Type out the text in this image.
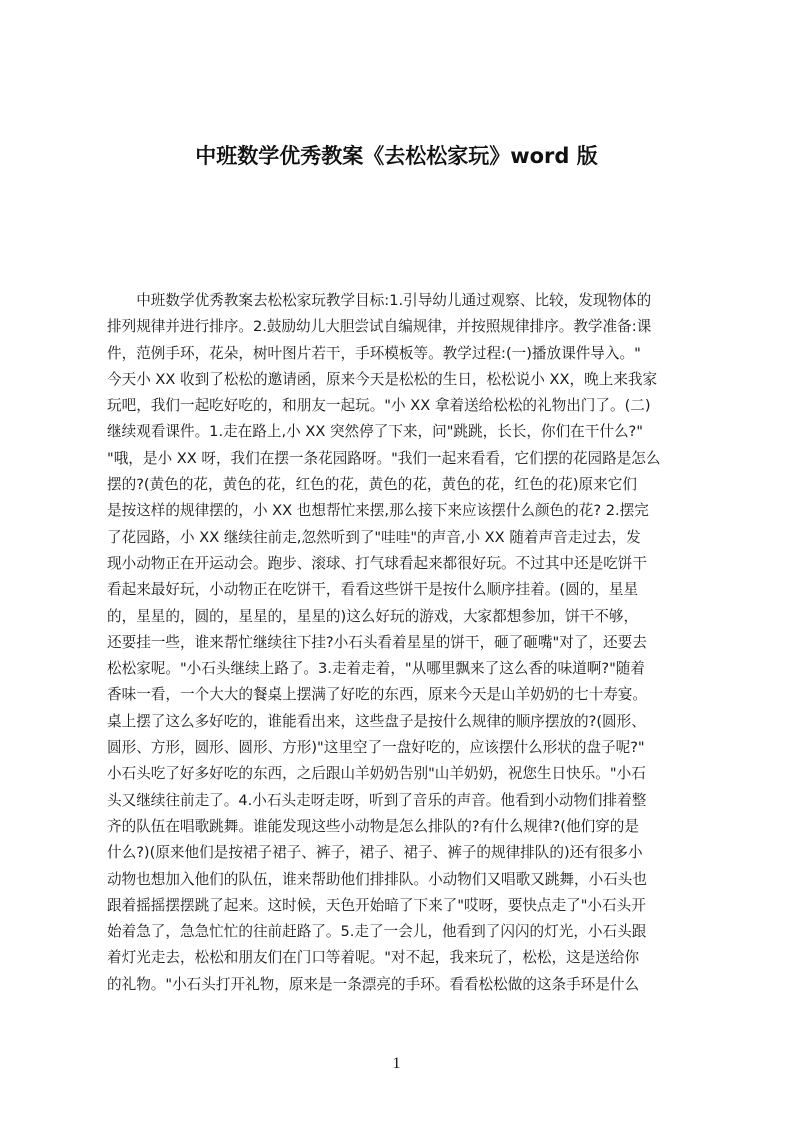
中班数学优秀教案《去松松家玩》word 版
　　中班数学优秀教案去松松家玩教学目标:1.引导幼儿通过观察、比较，发现物体的
排列规律并进行排序。2.鼓励幼儿大胆尝试自编规律，并按照规律排序。教学准备:课
件，范例手环，花朵，树叶图片若干，手环模板等。教学过程:(一)播放课件导入。"
今天小 XX 收到了松松的邀请函，原来今天是松松的生日，松松说小 XX，晚上来我家
玩吧，我们一起吃好吃的，和朋友一起玩。"小 XX 拿着送给松松的礼物出门了。(二)
继续观看课件。1.走在路上,小 XX 突然停了下来，问"跳跳，长长，你们在干什么?"
"哦，是小 XX 呀，我们在摆一条花园路呀。"我们一起来看看，它们摆的花园路是怎么
摆的?(黄色的花，黄色的花，红色的花，黄色的花，黄色的花，红色的花)原来它们
是按这样的规律摆的，小 XX 也想帮忙来摆,那么接下来应该摆什么颜色的花? 2.摆完
了花园路，小 XX 继续往前走,忽然听到了"哇哇"的声音,小 XX 随着声音走过去，发
现小动物正在开运动会。跑步、滚球、打气球看起来都很好玩。不过其中还是吃饼干
看起来最好玩，小动物正在吃饼干，看看这些饼干是按什么顺序挂着。(圆的，星星
的，星星的，圆的，星星的，星星的)这么好玩的游戏，大家都想参加，饼干不够，
还要挂一些，谁来帮忙继续往下挂?小石头看着星星的饼干，砸了砸嘴"对了，还要去
松松家呢。"小石头继续上路了。3.走着走着，"从哪里飘来了这么香的味道啊?"随着
香味一看，一个大大的餐桌上摆满了好吃的东西，原来今天是山羊奶奶的七十寿宴。
桌上摆了这么多好吃的，谁能看出来，这些盘子是按什么规律的顺序摆放的?(圆形、
圆形、方形，圆形、圆形、方形)"这里空了一盘好吃的，应该摆什么形状的盘子呢?"
小石头吃了好多好吃的东西，之后跟山羊奶奶告别"山羊奶奶，祝您生日快乐。"小石
头又继续往前走了。4.小石头走呀走呀，听到了音乐的声音。他看到小动物们排着整
齐的队伍在唱歌跳舞。谁能发现这些小动物是怎么排队的?有什么规律?(他们穿的是
什么?)(原来他们是按裙子裙子、裤子，裙子、裙子、裤子的规律排队的)还有很多小
动物也想加入他们的队伍，谁来帮助他们排排队。小动物们又唱歌又跳舞，小石头也
跟着摇摇摆摆跳了起来。这时候，天色开始暗了下来了"哎呀，要快点走了"小石头开
始着急了，急急忙忙的往前赶路了。5.走了一会儿，他看到了闪闪的灯光，小石头跟
着灯光走去，松松和朋友们在门口等着呢。"对不起，我来玩了，松松，这是送给你
的礼物。"小石头打开礼物，原来是一条漂亮的手环。看看松松做的这条手环是什么
1
